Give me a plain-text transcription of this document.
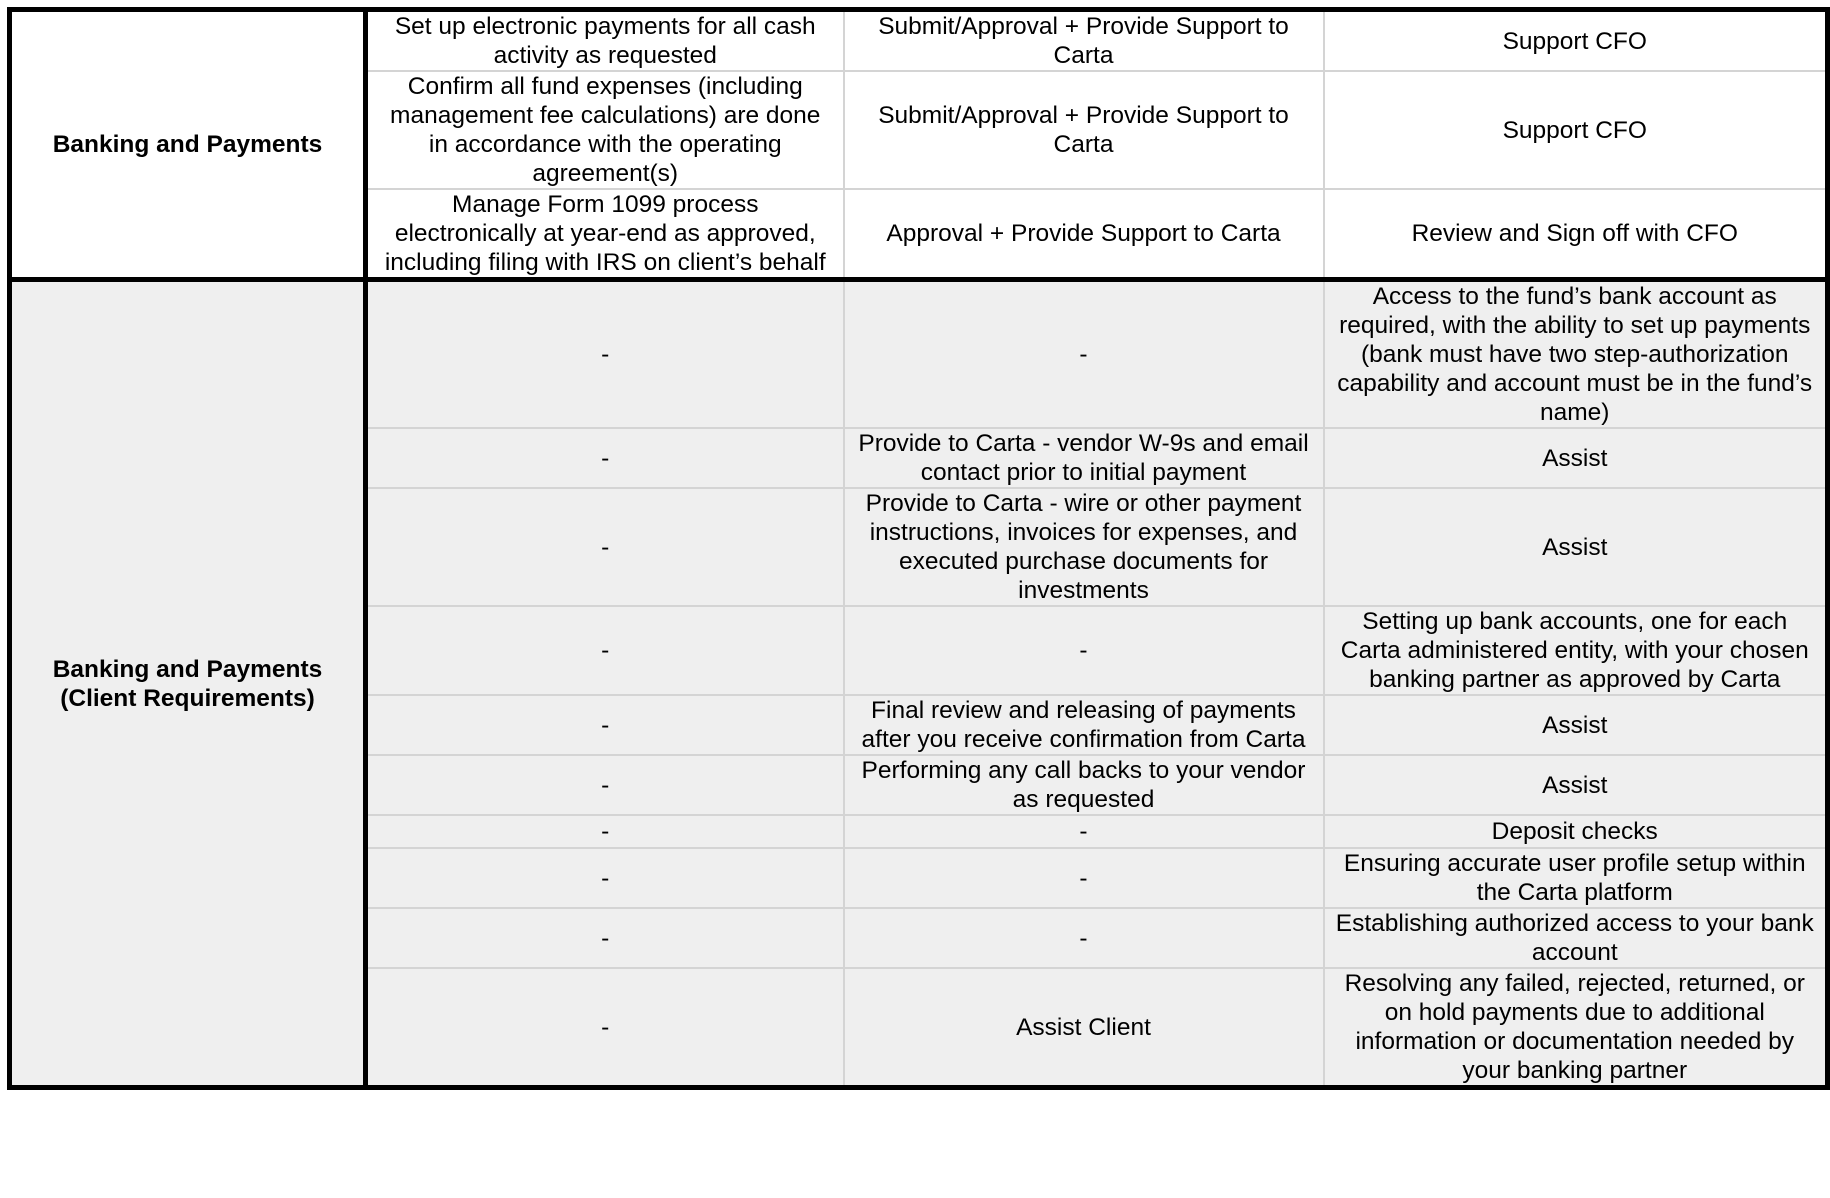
Banking and Payments	Set up electronic payments for all cash activity as requested	Submit/Approval + Provide Support to Carta	Support CFO
	Confirm all fund expenses (including management fee calculations) are done in accordance with the operating agreement(s)	Submit/Approval + Provide Support to Carta	Support CFO
	Manage Form 1099 process electronically at year-end as approved, including filing with IRS on client’s behalf	Approval + Provide Support to Carta	Review and Sign off with CFO
Banking and Payments (Client Requirements)	-	-	Access to the fund’s bank account as required, with the ability to set up payments (bank must have two step-authorization capability and account must be in the fund’s name)
	-	Provide to Carta - vendor W-9s and email contact prior to initial payment	Assist
	-	Provide to Carta - wire or other payment instructions, invoices for expenses, and executed purchase documents for investments	Assist
	-	-	Setting up bank accounts, one for each Carta administered entity, with your chosen banking partner as approved by Carta
	-	Final review and releasing of payments after you receive confirmation from Carta	Assist
	-	Performing any call backs to your vendor as requested	Assist
	-	-	Deposit checks
	-	-	Ensuring accurate user profile setup within the Carta platform
	-	-	Establishing authorized access to your bank account
	-	Assist Client	Resolving any failed, rejected, returned, or on hold payments due to additional information or documentation needed by your banking partner
